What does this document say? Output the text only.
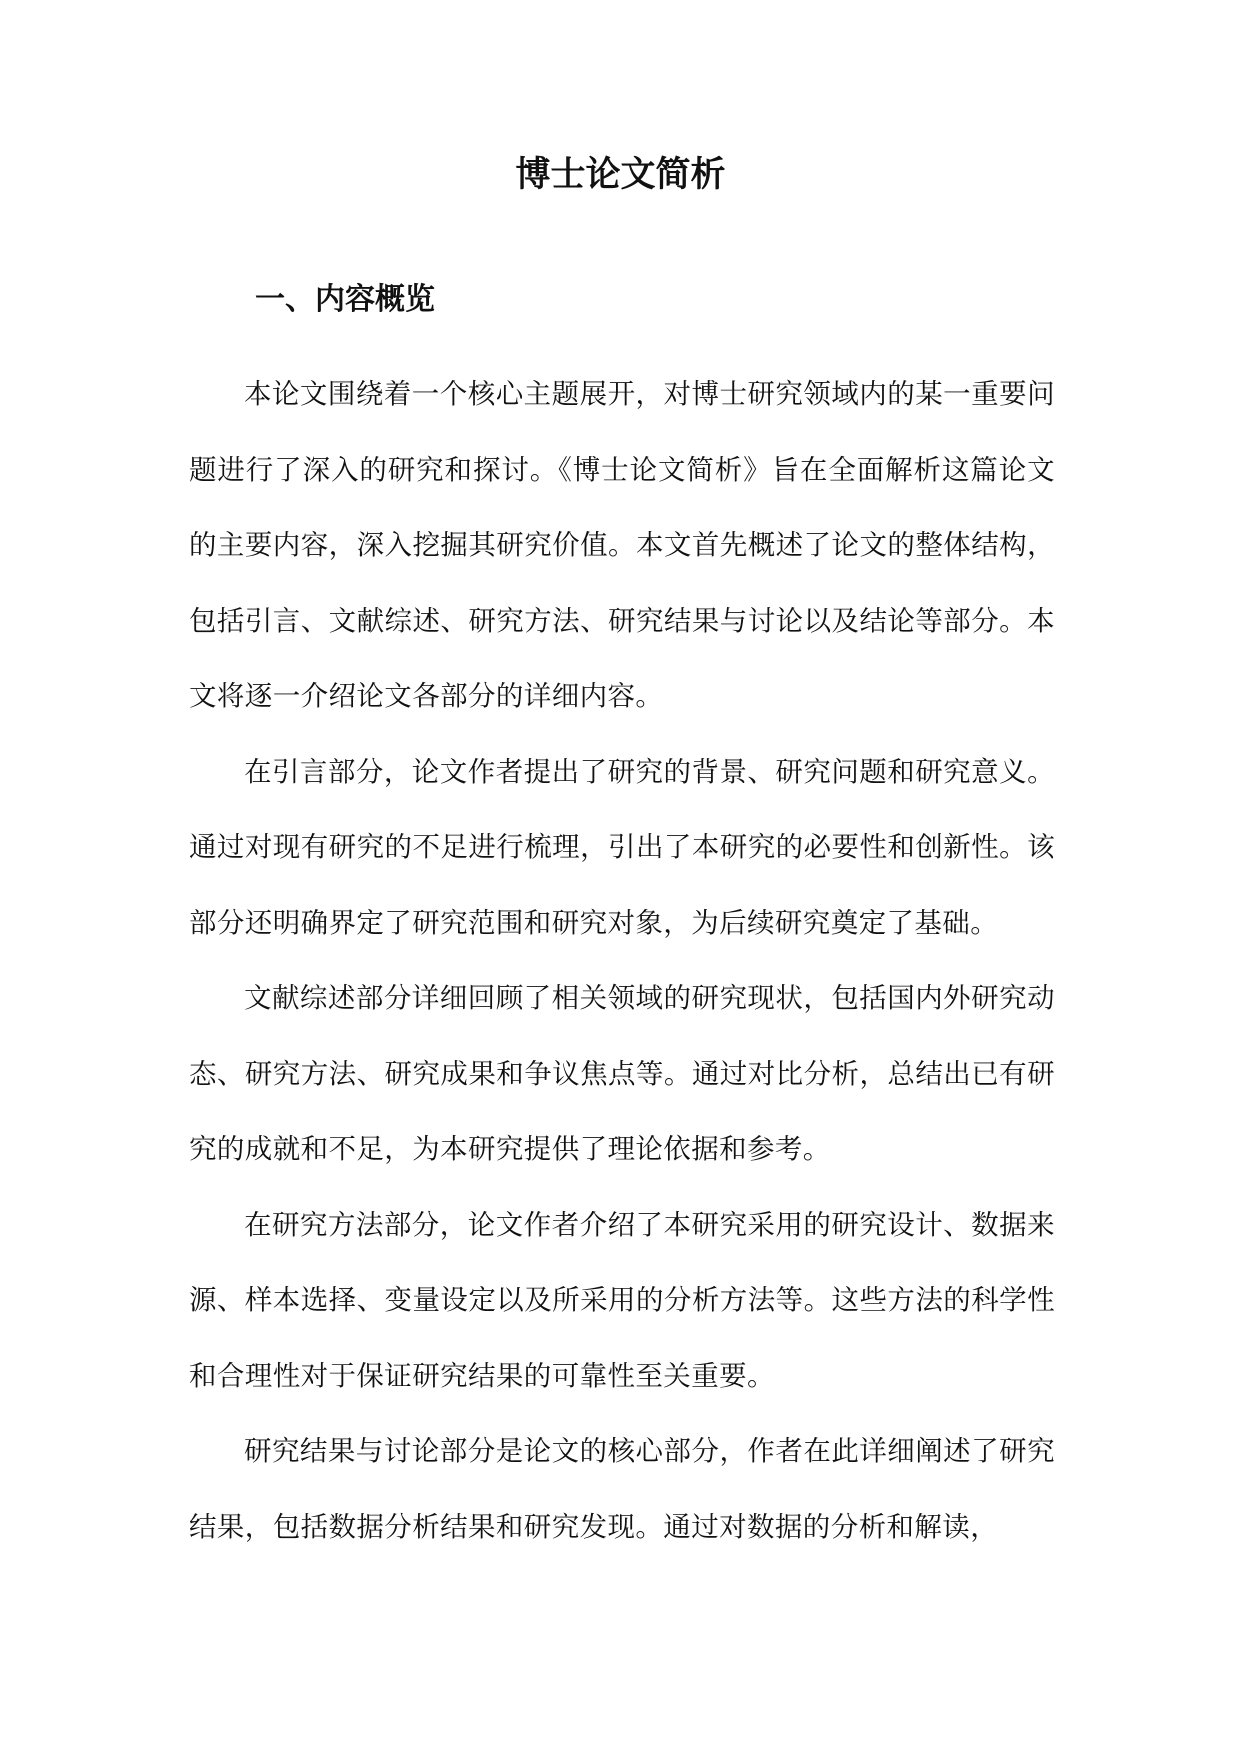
博士论文简析
一、内容概览

本论文围绕着一个核心主题展开，对博士研究领域内的某一重要问题进行了深入的研究和探讨。《博士论文简析》旨在全面解析这篇论文的主要内容，深入挖掘其研究价值。本文首先概述了论文的整体结构，包括引言、文献综述、研究方法、研究结果与讨论以及结论等部分。本文将逐一介绍论文各部分的详细内容。

在引言部分，论文作者提出了研究的背景、研究问题和研究意义。通过对现有研究的不足进行梳理，引出了本研究的必要性和创新性。该部分还明确界定了研究范围和研究对象，为后续研究奠定了基础。

文献综述部分详细回顾了相关领域的研究现状，包括国内外研究动态、研究方法、研究成果和争议焦点等。通过对比分析，总结出已有研究的成就和不足，为本研究提供了理论依据和参考。

在研究方法部分，论文作者介绍了本研究采用的研究设计、数据来源、样本选择、变量设定以及所采用的分析方法等。这些方法的科学性和合理性对于保证研究结果的可靠性至关重要。

研究结果与讨论部分是论文的核心部分，作者在此详细阐述了研究结果，包括数据分析结果和研究发现。通过对数据的分析和解读，
